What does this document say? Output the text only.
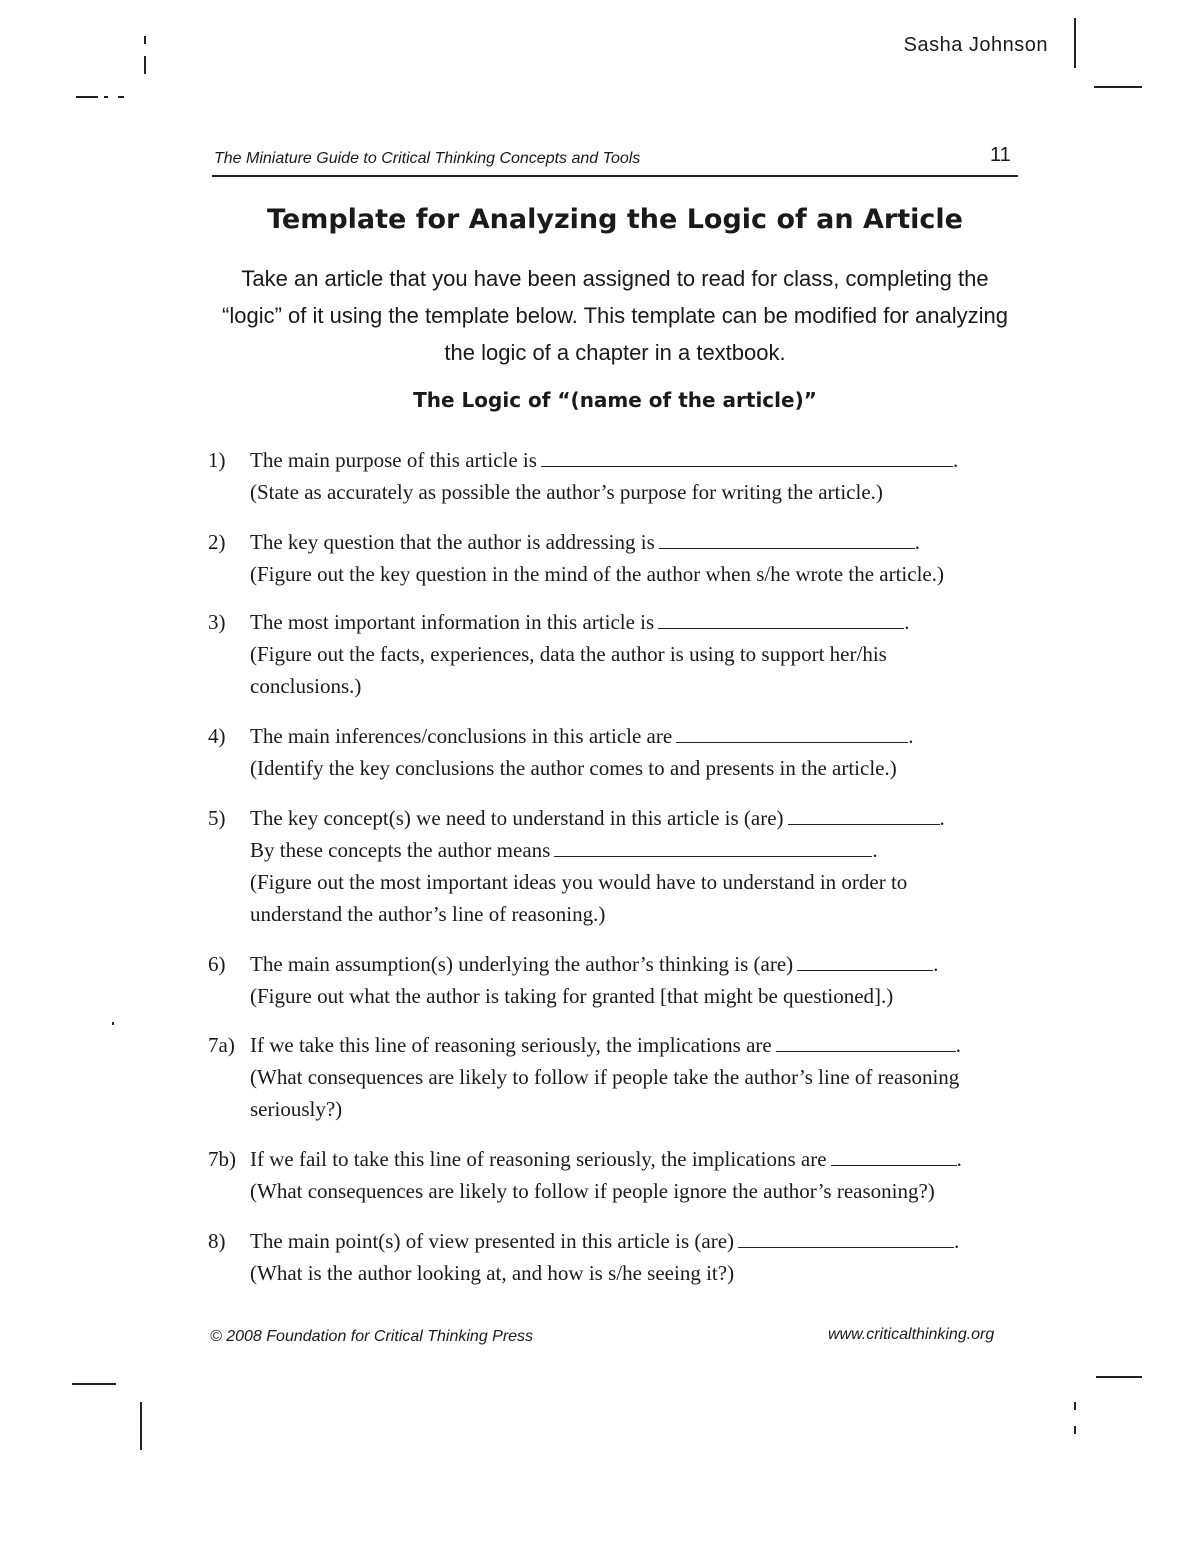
Sasha Johnson
The Miniature Guide to Critical Thinking Concepts and Tools	11
Template for Analyzing the Logic of an Article
Take an article that you have been assigned to read for class, completing the “logic” of it using the template below. This template can be modified for analyzing the logic of a chapter in a textbook.
The Logic of “(name of the article)”
1)	The main purpose of this article is	.
(State as accurately as possible the author’s purpose for writing the article.)
2)	The key question that the author is addressing is	.
(Figure out the key question in the mind of the author when s/he wrote the article.)
3)	The most important information in this article is	.
(Figure out the facts, experiences, data the author is using to support her/his
conclusions.)
4)	The main inferences/conclusions in this article are	.
(Identify the key conclusions the author comes to and presents in the article.)
5)	The key concept(s) we need to understand in this article is (are)	.
By these concepts the author means	.
(Figure out the most important ideas you would have to understand in order to
understand the author’s line of reasoning.)
6)	The main assumption(s) underlying the author’s thinking is (are)	.
(Figure out what the author is taking for granted [that might be questioned].)
7a) If we take this line of reasoning seriously, the implications are	.
(What consequences are likely to follow if people take the author’s line of reasoning
seriously?)
7b) If we fail to take this line of reasoning seriously, the implications are	.
(What consequences are likely to follow if people ignore the author’s reasoning?)
8)	The main point(s) of view presented in this article is (are)	.
(What is the author looking at, and how is s/he seeing it?)
© 2008 Foundation for Critical Thinking Press	www.criticalthinking.org
